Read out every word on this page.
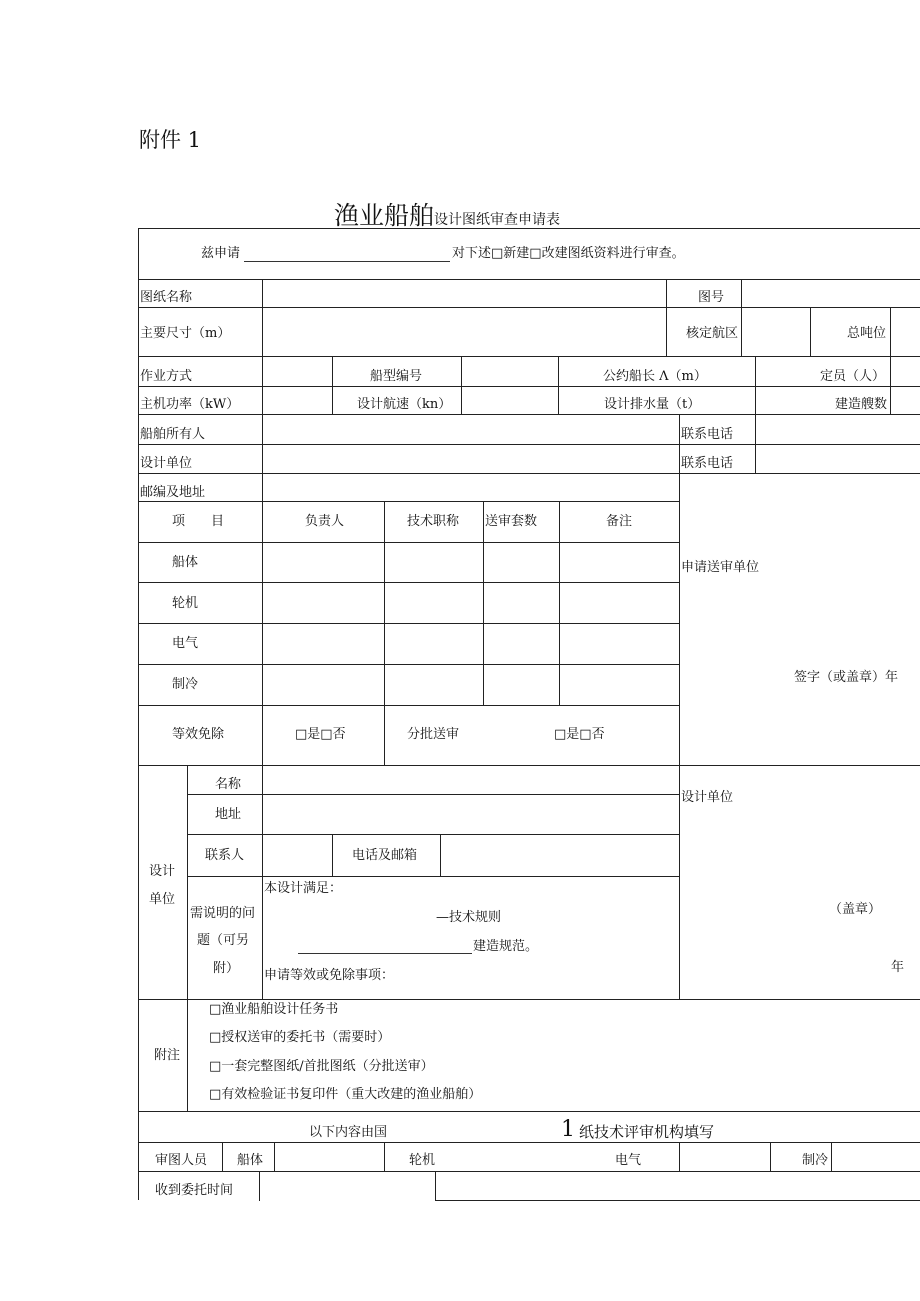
附件 1
渔业船舶设计图纸审查申请表
兹申请	对下述□新建□改建图纸资料进行审查。
图纸名称	图号
主要尺寸（m）	核定航区	总吨位
作业方式	船型编号	公约船长 Λ（m）	定员（人）
主机功率（kW）	设计航速（kn）	设计排水量（t）	建造艘数
船舶所有人	联系电话
设计单位	联系电话
邮编及地址
项　　目	负责人	技术职称 送审套数	备注
船体
轮机
电气
制冷
等效免除	□是□否	分批送审	□是□否
申请送审单位
签字（或盖章）年
设计
单位
名称
地址
联系人	电话及邮箱
需说明的问
题（可另
附）
本设计满足：
—技术规则
建造规范。
申请等效或免除事项：
设计单位
（盖章）
年
附注
□渔业船舶设计任务书
□授权送审的委托书（需要时）
□一套完整图纸/首批图纸（分批送审）
□有效检验证书复印件（重大改建的渔业船舶）
以下内容由国	1 纸技术评审机构填写
审图人员 船体	轮机	电气	制冷
收到委托时间
